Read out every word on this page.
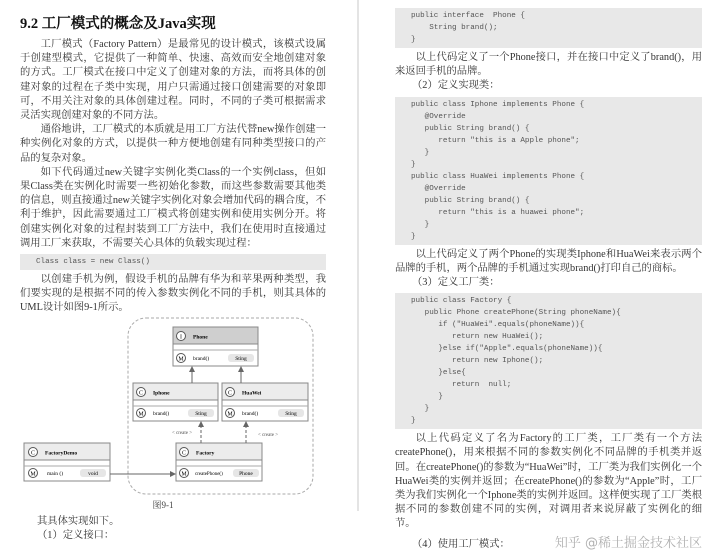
9.2 工厂模式的概念及Java实现
工厂模式（Factory Pattern）是最常见的设计模式，该模式设属于创建型模式，它提供了一种简单、快速、高效而安全地创建对象的方式。工厂模式在接口中定义了创建对象的方法，而将具体的创建对象的过程在子类中实现，用户只需通过接口创建需要的对象即可，不用关注对象的具体创建过程。同时，不同的子类可根据需求灵活实现创建对象的不同方法。
通俗地讲，工厂模式的本质就是用工厂方法代替new操作创建一种实例化对象的方式，以提供一种方便地创建有同种类型接口的产品的复杂对象。
如下代码通过new关键字实例化类Class的一个实例class，但如果Class类在实例化时需要一些初始化参数，而这些参数需要其他类的信息，则直接通过new关键字实例化对象会增加代码的耦合度，不利于维护，因此需要通过工厂模式将创建实例和使用实例分开。将创建实例化对象的过程封装到工厂方法中，我们在使用时直接通过调用工厂来获取，不需要关心具体的负载实现过程：
Class class = new Class()
以创建手机为例，假设手机的品牌有华为和苹果两种类型，我们要实现的是根据不同的传入参数实例化不同的手机，则其具体的UML设计如图9-1所示。
I Phone
M brand()	Sting
C Iphone
M brand()	Sting
C HuaWei
M brand()	Sting
C Factory
M createPhone()	Phone
C FactoryDemo
M main ()	void
< create >	< create >
图9-1
其具体实现如下。
（1）定义接口：
public interface  Phone {
String brand();
}
以上代码定义了一个Phone接口，并在接口中定义了brand()，用来返回手机的品牌。
（2）定义实现类：
public class Iphone implements Phone {
@Override
public String brand() {
return "this is a Apple phone";
}
}
public class HuaWei implements Phone {
@Override
public String brand() {
return "this is a huawei phone";
}
}
以上代码定义了两个Phone的实现类Iphone和HuaWei来表示两个品牌的手机，两个品牌的手机通过实现brand()打印自己的商标。
（3）定义工厂类：
public class Factory {
public Phone createPhone(String phoneName){
if ("HuaWei".equals(phoneName)){
return new HuaWei();
}else if("Apple".equals(phoneName)){
return new Iphone();
}else{
return  null;
}
}
}
以上代码定义了名为Factory的工厂类，工厂类有一个方法createPhone()，用来根据不同的参数实例化不同品牌的手机类并返回。在createPhone()的参数为“HuaWei”时，工厂类为我们实例化一个HuaWei类的实例并返回；在createPhone()的参数为“Apple”时，工厂类为我们实例化一个Iphone类的实例并返回。这样便实现了工厂类根据不同的参数创建不同的实例，对调用者来说屏蔽了实例化的细节。
（4）使用工厂模式：	知乎 @稀土掘金技术社区
